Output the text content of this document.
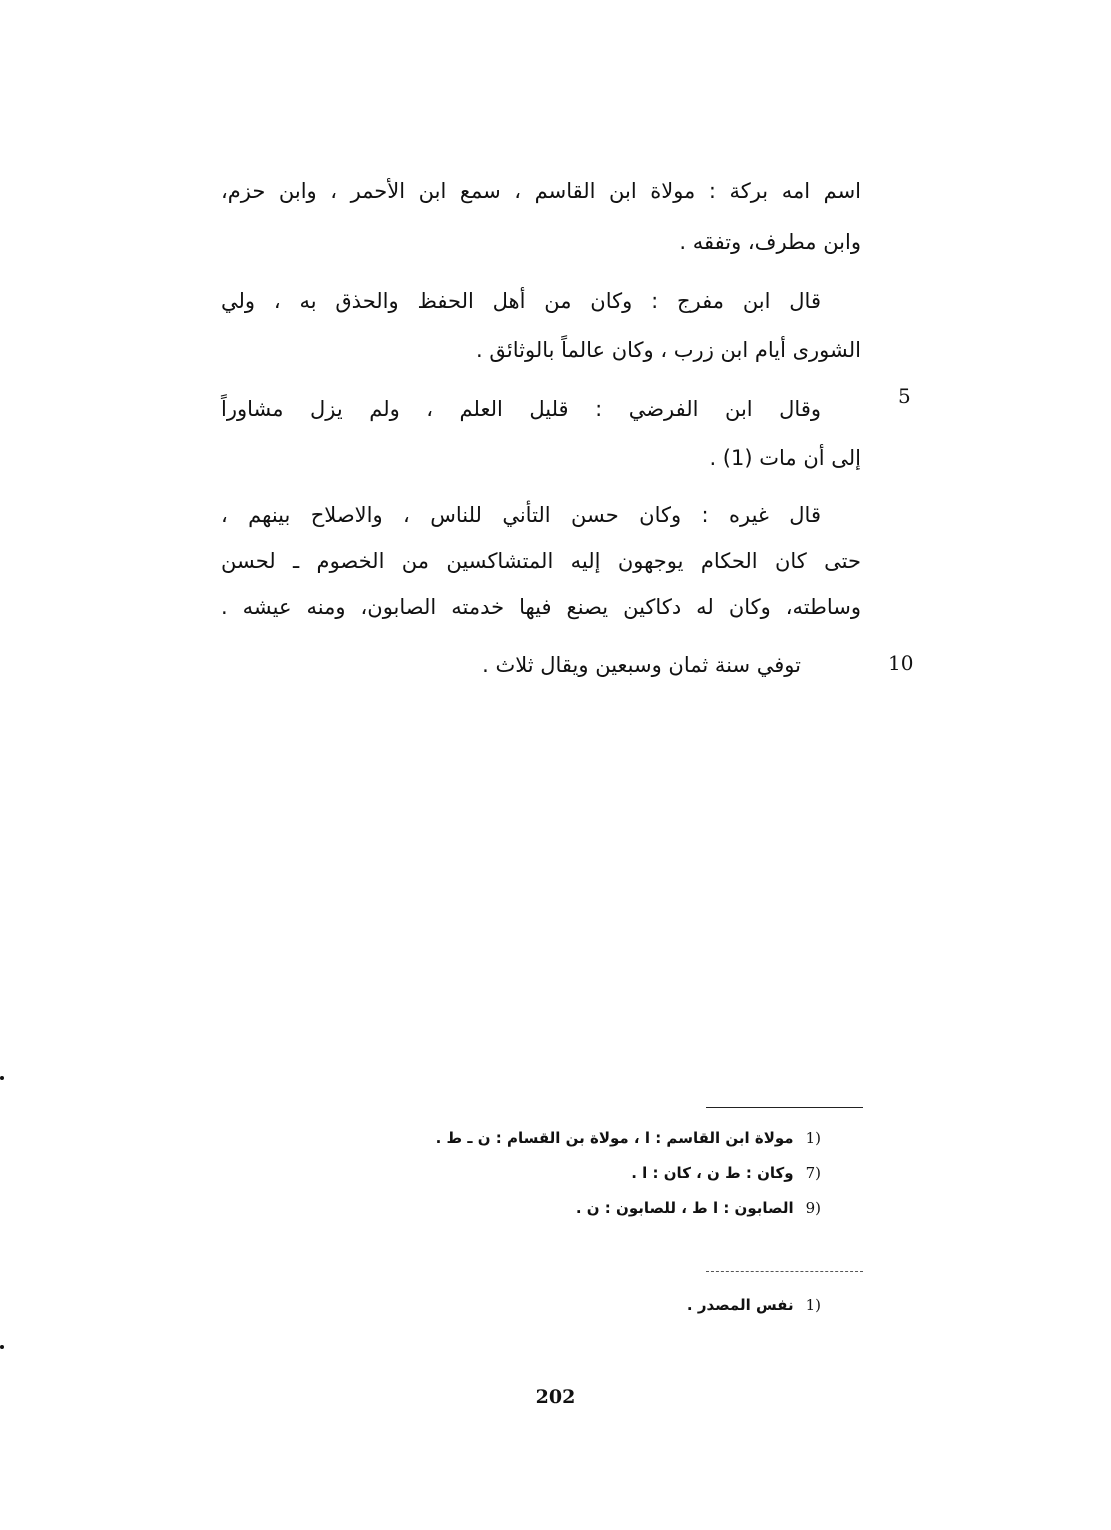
اسم امه بركة : مولاة ابن القاسم ، سمع ابن الأحمر ، وابن حزم،
وابن مطرف، وتفقه .
قال ابن مفرج : وكان من أهل الحفظ والحذق به ، ولي
الشورى أيام ابن زرب ، وكان عالماً بالوثائق .
5
وقال ابن الفرضي : قليل العلم ، ولم يزل مشاوراً
إلى أن مات (1) .
قال غيره : وكان حسن التأني للناس ، والاصلاح بينهم ،
حتى كان الحكام يوجهون إليه المتشاكسين من الخصوم ـ لحسن
وساطته، وكان له دكاكين يصنع فيها خدمته الصابون، ومنه عيشه .
10
توفي سنة ثمان وسبعين ويقال ثلاث .
1)مولاة ابن القاسم : ا ، مولاة بن القسام : ن ـ ط .
7)وكان : ط ن ، كان : ا .
9)الصابون : ا ط ، للصابون : ن .
1)نفس المصدر .
202
